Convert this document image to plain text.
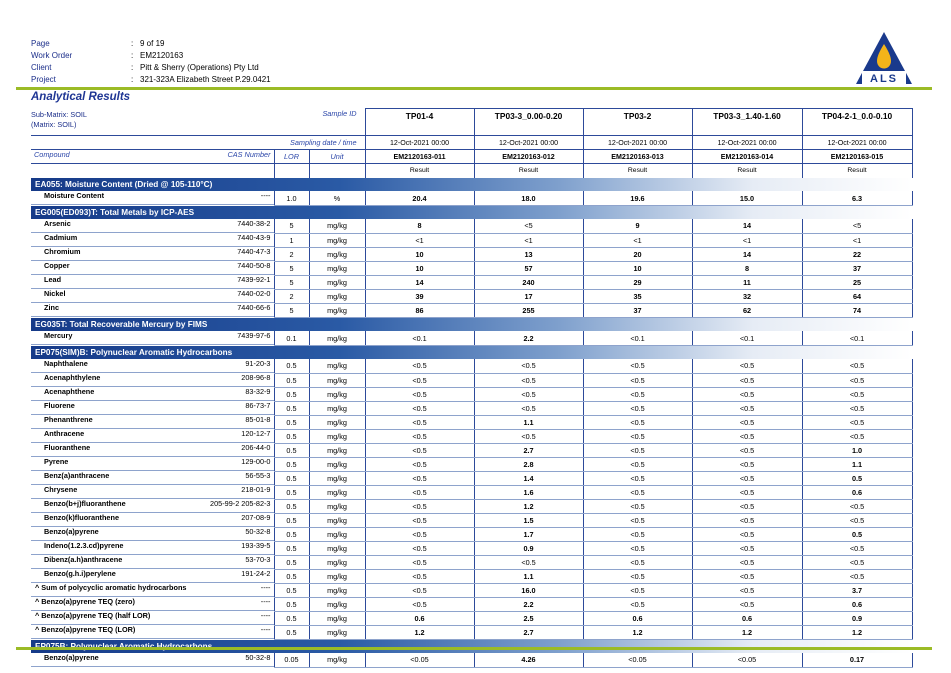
Page	: 9 of 19
Work Order	: EM2120163
Client	: Pitt & Sherry (Operations) Pty Ltd
Project	: 321-323A Elizabeth Street P.29.0421	ALS
Analytical Results
Sub-Matrix: SOIL
(Matrix: SOIL)	Sample ID		TP01-4	TP03-3_0.00-0.20	TP03-2	TP03-3_1.40-1.60	TP04-2-1_0.0-0.10

	Sampling date / time		12-Oct-2021 00:00	12-Oct-2021 00:00	12-Oct-2021 00:00	12-Oct-2021 00:00	12-Oct-2021 00:00

Compound	CAS Number LOR	Unit	EM2120163-011	EM2120163-012	EM2120163-013	EM2120163-014	EM2120163-015
			Result	Result	Result	Result	Result
EA055: Moisture Content (Dried @ 105-110°C)							

Moisture Content	----	1.0	%	20.4	18.0	19.6	15.0	6.3
EG005(ED093)T: Total Metals by ICP-AES							

Arsenic	7440-38-2	5	mg/kg	8	<5	9	14	<5

Cadmium	7440-43-9	1	mg/kg	<1	<1	<1	<1	<1

Chromium	7440-47-3	2	mg/kg	10	13	20	14	22

Copper	7440-50-8	5	mg/kg	10	57	10	8	37

Lead	7439-92-1	5	mg/kg	14	240	29	11	25

Nickel	7440-02-0	2	mg/kg	39	17	35	32	64

Zinc	7440-66-6	5	mg/kg	86	255	37	62	74
EG035T: Total Recoverable Mercury by FIMS							

Mercury	7439-97-6	0.1	mg/kg	<0.1	2.2	<0.1	<0.1	<0.1
EP075(SIM)B: Polynuclear Aromatic Hydrocarbons							

Naphthalene	91-20-3	0.5	mg/kg	<0.5	<0.5	<0.5	<0.5	<0.5

Acenaphthylene	208-96-8	0.5	mg/kg	<0.5	<0.5	<0.5	<0.5	<0.5

Acenaphthene	83-32-9	0.5	mg/kg	<0.5	<0.5	<0.5	<0.5	<0.5

Fluorene	86-73-7	0.5	mg/kg	<0.5	<0.5	<0.5	<0.5	<0.5

Phenanthrene	85-01-8	0.5	mg/kg	<0.5	1.1	<0.5	<0.5	<0.5

Anthracene	120-12-7	0.5	mg/kg	<0.5	<0.5	<0.5	<0.5	<0.5

Fluoranthene	206-44-0	0.5	mg/kg	<0.5	2.7	<0.5	<0.5	1.0

Pyrene	129-00-0	0.5	mg/kg	<0.5	2.8	<0.5	<0.5	1.1

Benz(a)anthracene	56-55-3	0.5	mg/kg	<0.5	1.4	<0.5	<0.5	0.5

Chrysene	218-01-9	0.5	mg/kg	<0.5	1.6	<0.5	<0.5	0.6

Benzo(b+j)fluoranthene	205-99-2 205-82-3	0.5	mg/kg	<0.5	1.2	<0.5	<0.5	<0.5

Benzo(k)fluoranthene	207-08-9	0.5	mg/kg	<0.5	1.5	<0.5	<0.5	<0.5

Benzo(a)pyrene	50-32-8	0.5	mg/kg	<0.5	1.7	<0.5	<0.5	0.5

Indeno(1.2.3.cd)pyrene	193-39-5	0.5	mg/kg	<0.5	0.9	<0.5	<0.5	<0.5

Dibenz(a.h)anthracene	53-70-3	0.5	mg/kg	<0.5	<0.5	<0.5	<0.5	<0.5

Benzo(g.h.i)perylene	191-24-2	0.5	mg/kg	<0.5	1.1	<0.5	<0.5	<0.5

^ Sum of polycyclic aromatic hydrocarbons	----	0.5	mg/kg	<0.5	16.0	<0.5	<0.5	3.7

^ Benzo(a)pyrene TEQ (zero)	----	0.5	mg/kg	<0.5	2.2	<0.5	<0.5	0.6

^ Benzo(a)pyrene TEQ (half LOR)	----	0.5	mg/kg	0.6	2.5	0.6	0.6	0.9

^ Benzo(a)pyrene TEQ (LOR)	----	0.5	mg/kg	1.2	2.7	1.2	1.2	1.2

Benzo(a)pyrene	50-32-8	0.05	mg/kg	<0.05	4.26	<0.05	<0.05	0.17
